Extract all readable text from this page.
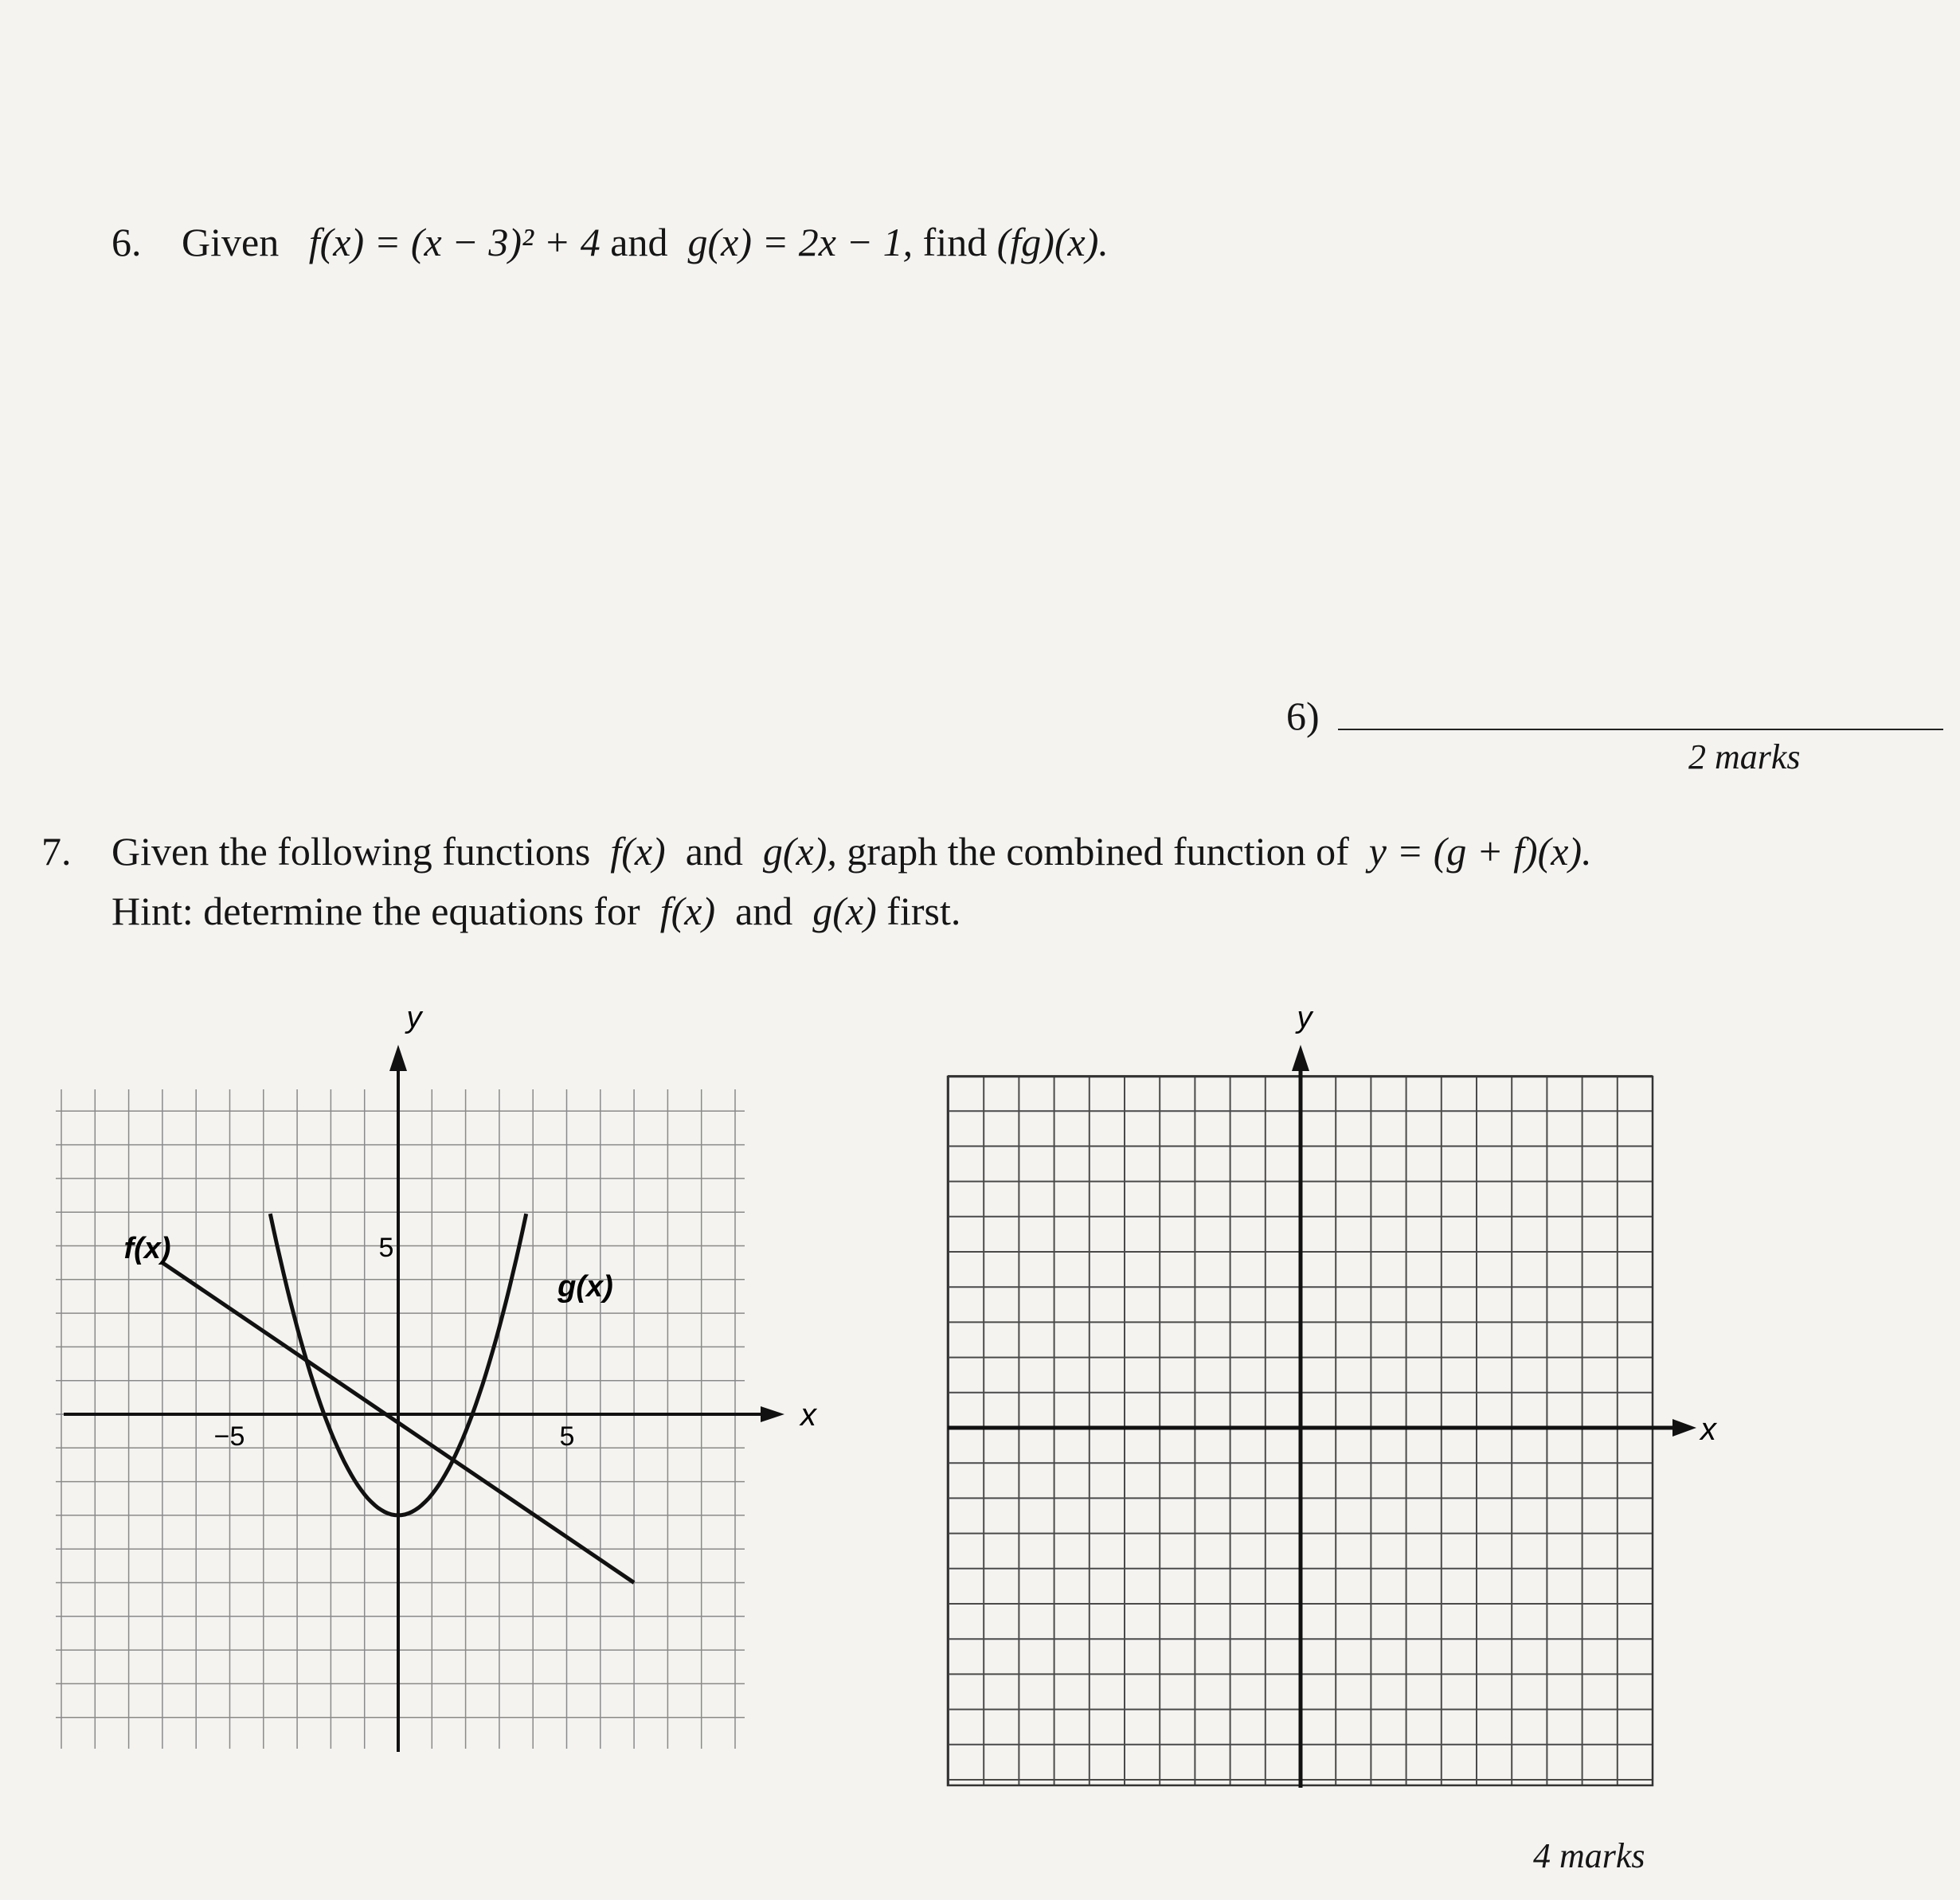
6. Given f(x) = (x − 3)² + 4 and g(x) = 2x − 1, find (fg)(x).
6)
2 marks
7. Given the following functions f(x) and g(x), graph the combined function of y = (g + f)(x).
Hint: determine the equations for f(x) and g(x) first.
y
x
−5	5
5
f(x)
g(x)
y
x
4 marks
